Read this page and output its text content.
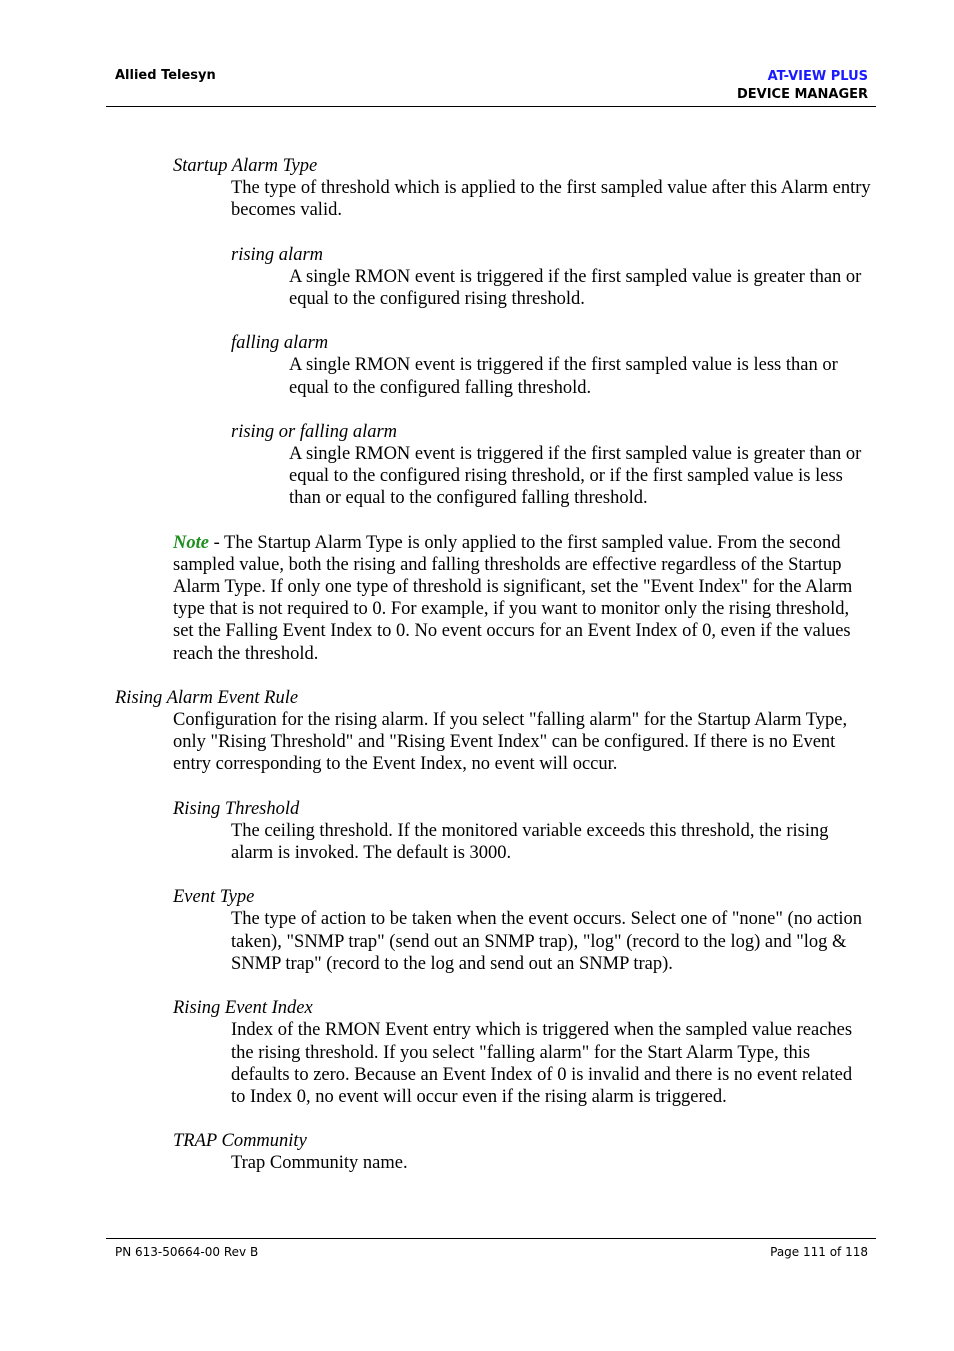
Allied Telesyn	AT-VIEW PLUS
DEVICE MANAGER
Startup Alarm Type
The type of threshold which is applied to the first sampled value after this Alarm entry becomes valid.
rising alarm
A single RMON event is triggered if the first sampled value is greater than or equal to the configured rising threshold.
falling alarm
A single RMON event is triggered if the first sampled value is less than or equal to the configured falling threshold.
rising or falling alarm
A single RMON event is triggered if the first sampled value is greater than or equal to the configured rising threshold, or if the first sampled value is less than or equal to the configured falling threshold.
Note - The Startup Alarm Type is only applied to the first sampled value. From the second sampled value, both the rising and falling thresholds are effective regardless of the Startup Alarm Type. If only one type of threshold is significant, set the "Event Index" for the Alarm type that is not required to 0. For example, if you want to monitor only the rising threshold, set the Falling Event Index to 0. No event occurs for an Event Index of 0, even if the values reach the threshold.
Rising Alarm Event Rule
Configuration for the rising alarm. If you select "falling alarm" for the Startup Alarm Type, only "Rising Threshold" and "Rising Event Index" can be configured. If there is no Event entry corresponding to the Event Index, no event will occur.
Rising Threshold
The ceiling threshold. If the monitored variable exceeds this threshold, the rising alarm is invoked. The default is 3000.
Event Type
The type of action to be taken when the event occurs. Select one of "none" (no action taken), "SNMP trap" (send out an SNMP trap), "log" (record to the log) and "log & SNMP trap" (record to the log and send out an SNMP trap).
Rising Event Index
Index of the RMON Event entry which is triggered when the sampled value reaches the rising threshold. If you select "falling alarm" for the Start Alarm Type, this defaults to zero. Because an Event Index of 0 is invalid and there is no event related to Index 0, no event will occur even if the rising alarm is triggered.
TRAP Community
Trap Community name.
PN 613-50664-00 Rev B	Page 111 of 118
